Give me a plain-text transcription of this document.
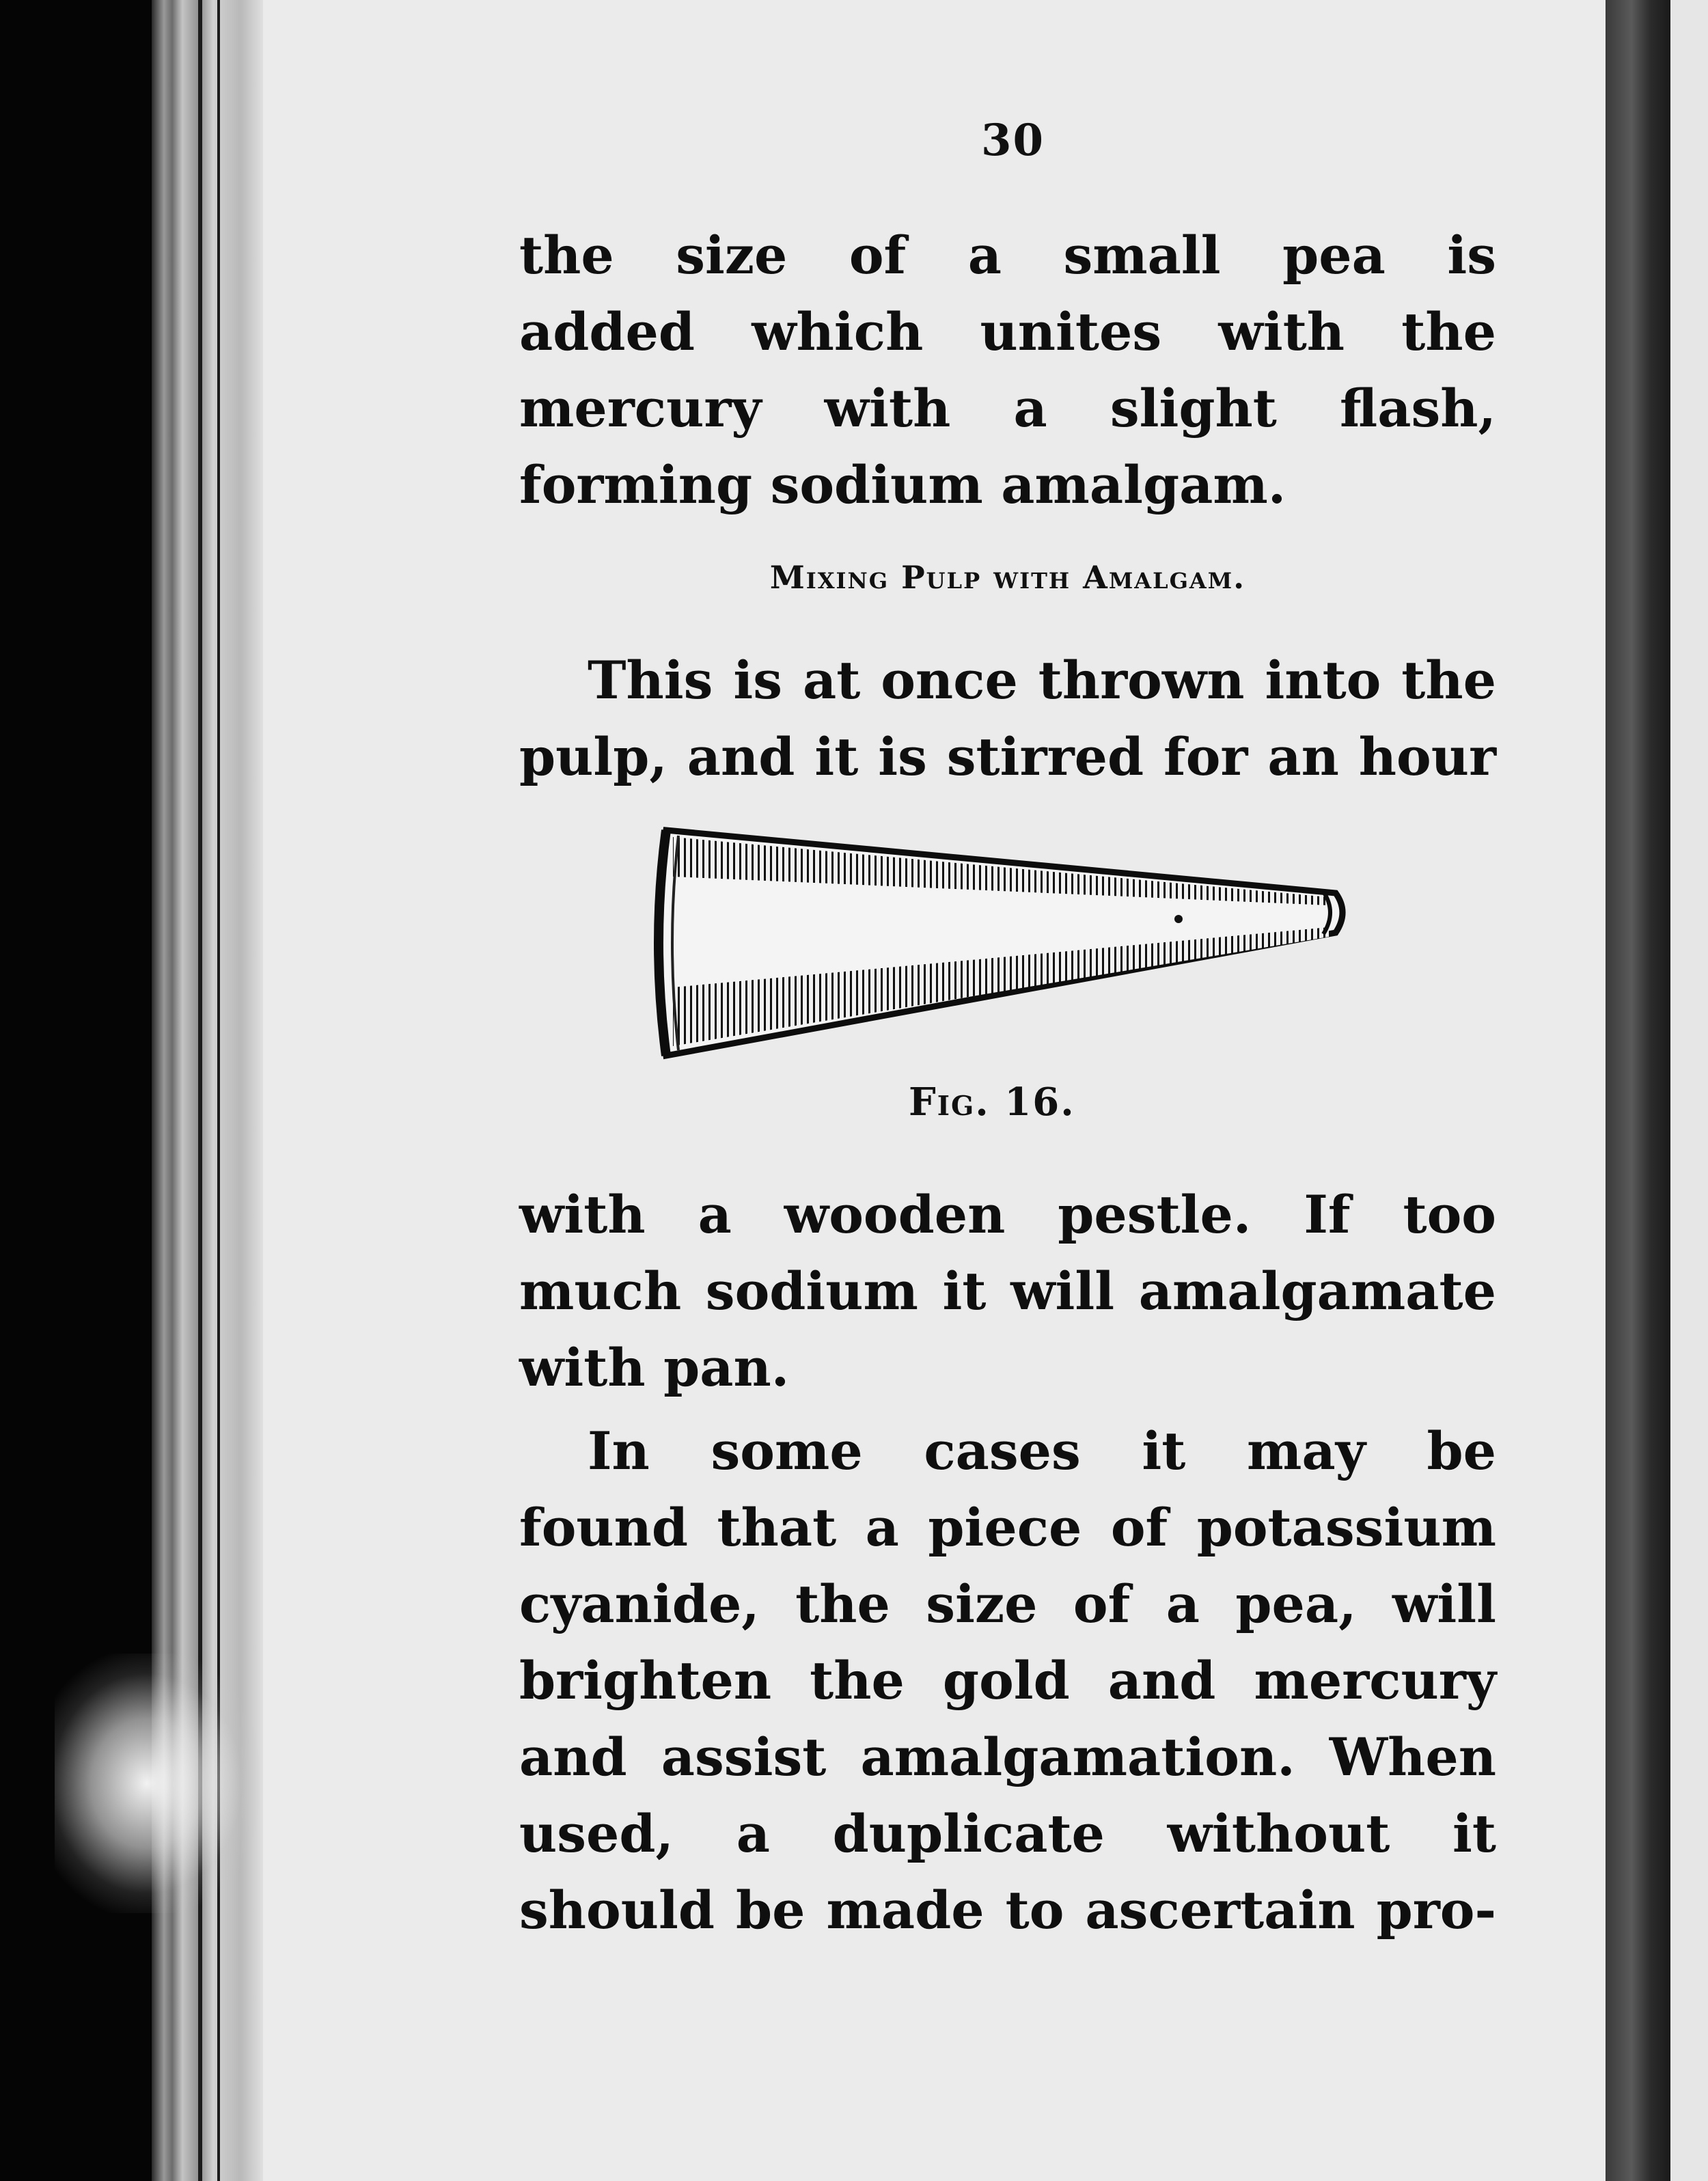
30
the size of a small pea is
added which unites with the
mercury with a slight flash,
forming sodium amalgam.
Mixing Pulp with Amalgam.
This is at once thrown into the
pulp, and it is stirred for an hour
Fig. 16.
with a wooden pestle. If too
much sodium it will amalgamate
with pan.
In some cases it may be
found that a piece of potassium
cyanide, the size of a pea, will
brighten the gold and mercury
and assist amalgamation. When
used, a duplicate without it
should be made to ascertain pro-
